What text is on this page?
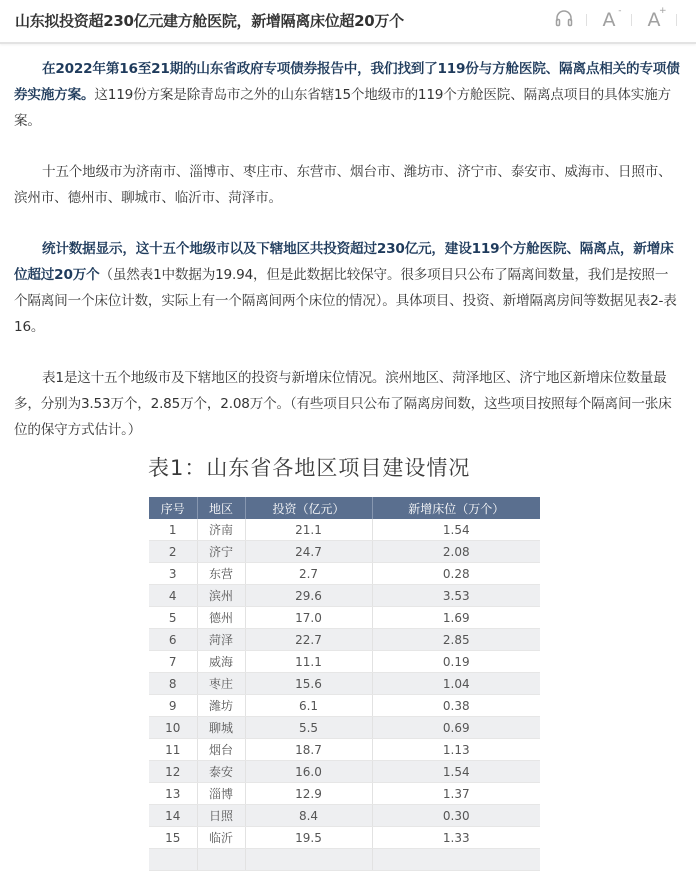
山东拟投资超230亿元建方舱医院，新增隔离床位超20万个	A - A
+

在2022年第16至21期的山东省政府专项债券报告中，我们找到了119份与方舱医院、隔离点相关的专项债券实施方案。这119份方案是除青岛市之外的山东省辖15个地级市的119个方舱医院、隔离点项目的具体实施方案。

十五个地级市为济南市、淄博市、枣庄市、东营市、烟台市、潍坊市、济宁市、泰安市、威海市、日照市、滨州市、德州市、聊城市、临沂市、菏泽市。

统计数据显示，这十五个地级市以及下辖地区共投资超过230亿元，建设119个方舱医院、隔离点，新增床位超过20万个（虽然表1中数据为19.94，但是此数据比较保守。很多项目只公布了隔离间数量，我们是按照一个隔离间一个床位计数，实际上有一个隔离间两个床位的情况）。具体项目、投资、新增隔离房间等数据见表2-表16。

表1是这十五个地级市及下辖地区的投资与新增床位情况。滨州地区、菏泽地区、济宁地区新增床位数量最多，分别为3.53万个，2.85万个，2.08万个。（有些项目只公布了隔离房间数，这些项目按照每个隔离间一张床位的保守方式估计。）

表1：山东省各地区项目建设情况
序号	地区	投资（亿元）	新增床位（万个）
1	济南	21.1	1.54
2	济宁	24.7	2.08
3	东营	2.7	0.28
4	滨州	29.6	3.53
5	德州	17.0	1.69
6	菏泽	22.7	2.85
7	威海	11.1	0.19
8	枣庄	15.6	1.04
9	潍坊	6.1	0.38
10	聊城	5.5	0.69
11	烟台	18.7	1.13
12	泰安	16.0	1.54
13	淄博	12.9	1.37
14	日照	8.4	0.30
15	临沂	19.5	1.33
